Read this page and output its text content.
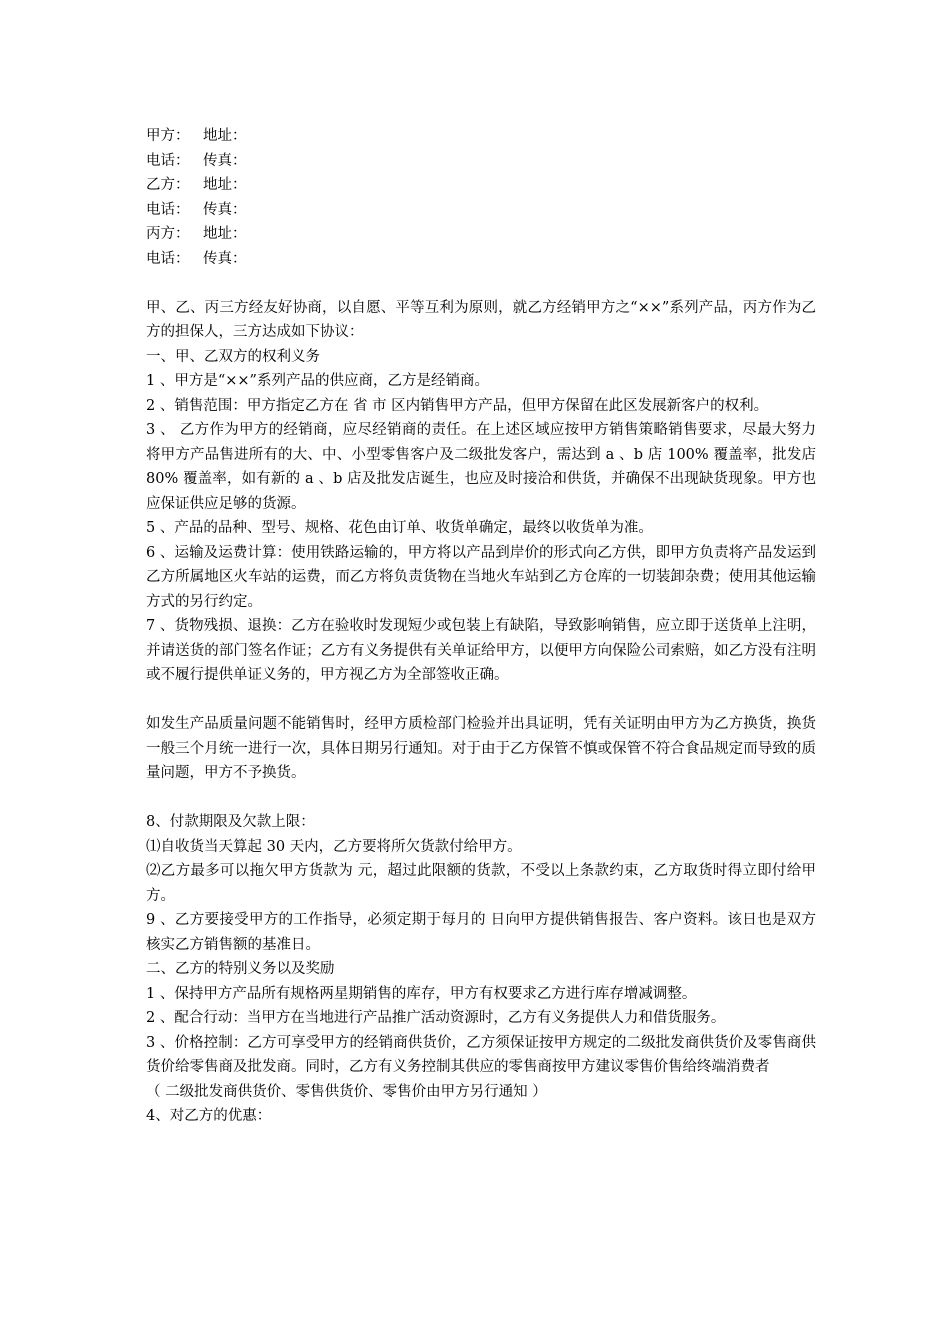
甲方： 地址：
电话： 传真：
乙方： 地址：
电话： 传真：
丙方： 地址：
电话： 传真：
甲、乙、丙三方经友好协商，以自愿、平等互利为原则，就乙方经销甲方之“××”系列产品，丙方作为乙方的担保人，三方达成如下协议：
一、甲、乙双方的权利义务
1 、甲方是“××”系列产品的供应商，乙方是经销商。
2 、销售范围：甲方指定乙方在 省 市 区内销售甲方产品，但甲方保留在此区发展新客户的权利。
3 、 乙方作为甲方的经销商，应尽经销商的责任。在上述区域应按甲方销售策略销售要求，尽最大努力将甲方产品售进所有的大、中、小型零售客户及二级批发客户，需达到 a 、b 店 100% 覆盖率，批发店 80% 覆盖率，如有新的 a 、b 店及批发店诞生，也应及时接洽和供货，并确保不出现缺货现象。甲方也应保证供应足够的货源。
5 、产品的品种、型号、规格、花色由订单、收货单确定，最终以收货单为准。
6 、运输及运费计算：使用铁路运输的，甲方将以产品到岸价的形式向乙方供，即甲方负责将产品发运到乙方所属地区火车站的运费，而乙方将负责货物在当地火车站到乙方仓库的一切装卸杂费；使用其他运输方式的另行约定。
7 、货物残损、退换：乙方在验收时发现短少或包装上有缺陷，导致影响销售，应立即于送货单上注明，并请送货的部门签名作证；乙方有义务提供有关单证给甲方，以便甲方向保险公司索赔，如乙方没有注明或不履行提供单证义务的，甲方视乙方为全部签收正确。
如发生产品质量问题不能销售时，经甲方质检部门检验并出具证明，凭有关证明由甲方为乙方换货，换货一般三个月统一进行一次，具体日期另行通知。对于由于乙方保管不慎或保管不符合食品规定而导致的质量问题，甲方不予换货。
8、付款期限及欠款上限：
⑴自收货当天算起 30 天内，乙方要将所欠货款付给甲方。
⑵乙方最多可以拖欠甲方货款为 元，超过此限额的货款，不受以上条款约束，乙方取货时得立即付给甲方。
9 、乙方要接受甲方的工作指导，必须定期于每月的 日向甲方提供销售报告、客户资料。该日也是双方核实乙方销售额的基准日。
二、乙方的特别义务以及奖励
1 、保持甲方产品所有规格两星期销售的库存，甲方有权要求乙方进行库存增减调整。
2 、配合行动：当甲方在当地进行产品推广活动资源时，乙方有义务提供人力和借货服务。
3 、价格控制：乙方可享受甲方的经销商供货价，乙方须保证按甲方规定的二级批发商供货价及零售商供货价给零售商及批发商。同时，乙方有义务控制其供应的零售商按甲方建议零售价售给终端消费者
（ 二级批发商供货价、零售供货价、零售价由甲方另行通知 ）
4、对乙方的优惠：
